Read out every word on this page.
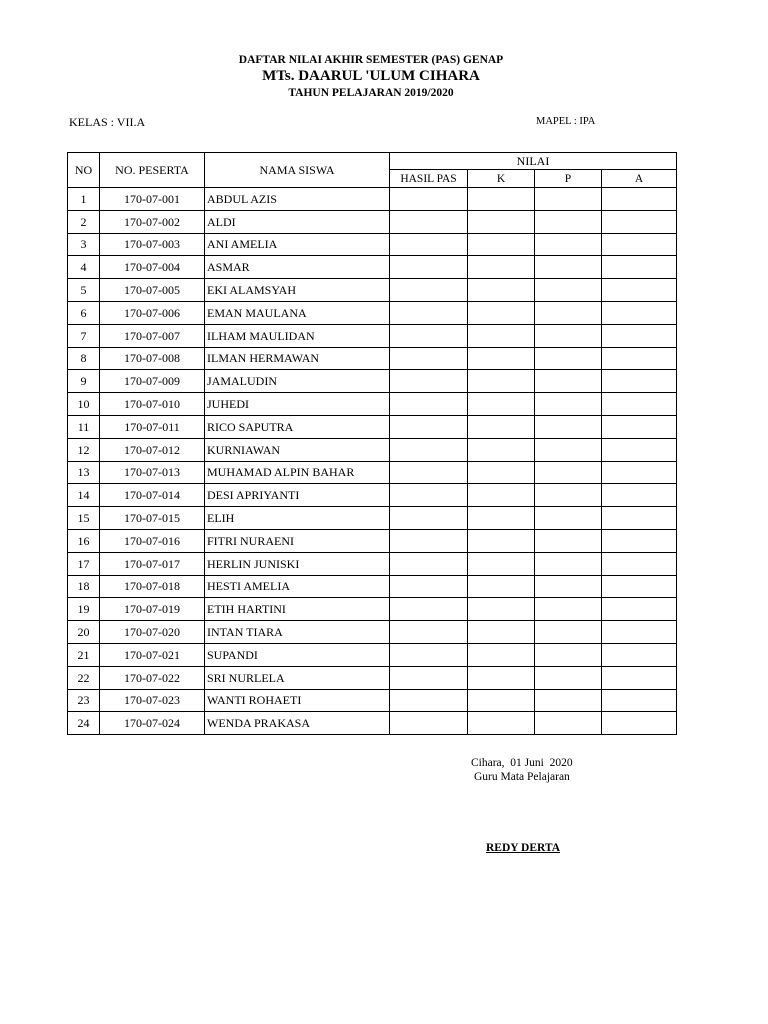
DAFTAR NILAI AKHIR SEMESTER (PAS) GENAP
MTs. DAARUL 'ULUM CIHARA
TAHUN PELAJARAN 2019/2020
KELAS : VII.A	MAPEL : IPA
NO	NO. PESERTA	NAMA SISWA	NILAI			
			HASIL PAS	K	P	A
1	170-07-001	ABDUL AZIS				
2	170-07-002	ALDI				
3	170-07-003	ANI AMELIA				
4	170-07-004	ASMAR				
5	170-07-005	EKI ALAMSYAH				
6	170-07-006	EMAN MAULANA				
7	170-07-007	ILHAM MAULIDAN				
8	170-07-008	ILMAN HERMAWAN				
9	170-07-009	JAMALUDIN				
10	170-07-010	JUHEDI				
11	170-07-011	RICO SAPUTRA				
12	170-07-012	KURNIAWAN				
13	170-07-013	MUHAMAD ALPIN BAHAR				
14	170-07-014	DESI APRIYANTI				
15	170-07-015	ELIH				
16	170-07-016	FITRI NURAENI				
17	170-07-017	HERLIN JUNISKI				
18	170-07-018	HESTI AMELIA				
19	170-07-019	ETIH HARTINI				
20	170-07-020	INTAN TIARA				
21	170-07-021	SUPANDI				
22	170-07-022	SRI NURLELA				
23	170-07-023	WANTI ROHAETI				
24	170-07-024	WENDA PRAKASA				
Cihara,  01 Juni  2020
Guru Mata Pelajaran
REDY DERTA
